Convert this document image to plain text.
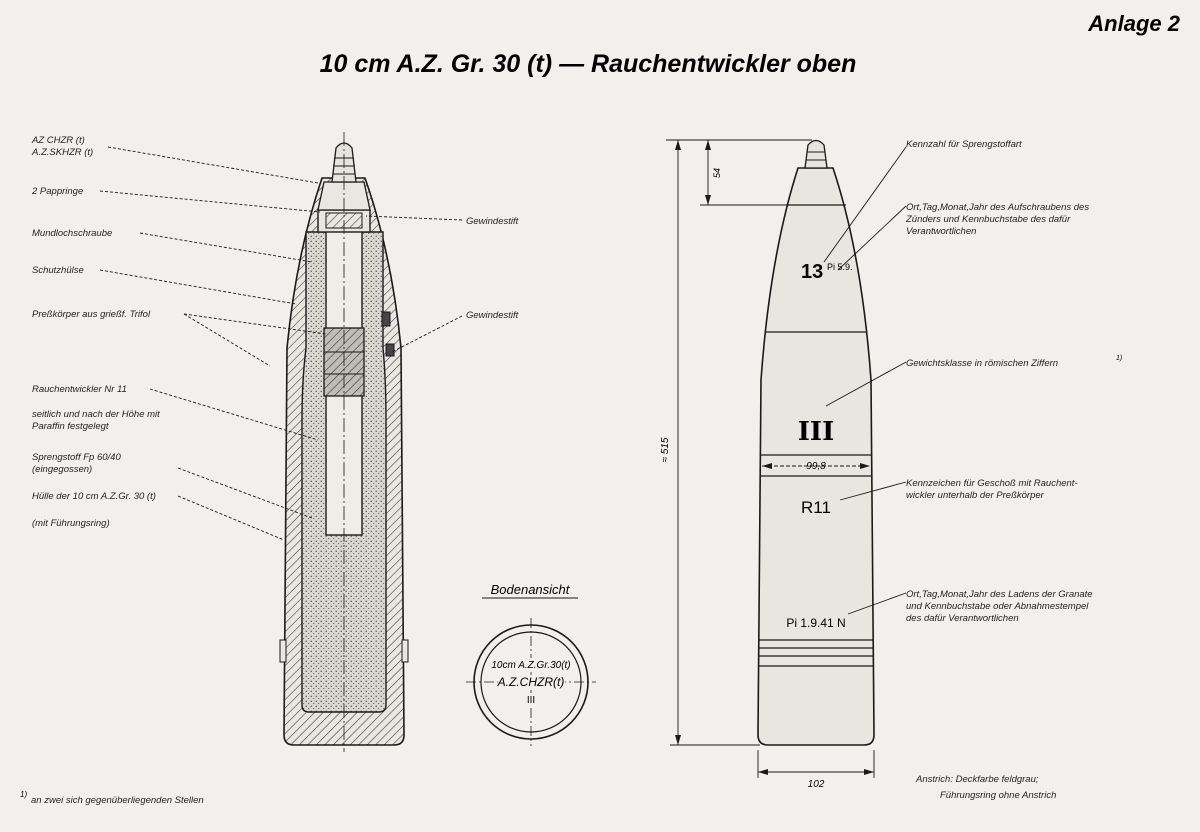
Anlage 2
10 cm A.Z. Gr. 30 (t) — Rauchentwickler oben
AZ CHZR (t)
A.Z.SKHZR (t)
2 Pappringe
Mundlochschraube
Schutzhülse
Preßkörper aus grießf. Trifol
Rauchentwickler Nr 11
seitlich und nach der Höhe mit
Paraffin festgelegt
Sprengstoff Fp 60/40
(eingegossen)
Hülle der 10 cm A.Z.Gr. 30 (t)
(mit Führungsring)
Gewindestift
Gewindestift
Bodenansicht
10cm A.Z.Gr.30(t)
A.Z.CHZR(t)
III
13 Pi 5.9.
III
R11
Pi 1.9.41 N
54
≈ 515
99,8
102
Kennzahl für Sprengstoffart
Ort,Tag,Monat,Jahr des Aufschraubens des
Zünders und Kennbuchstabe des dafür
Verantwortlichen
Gewichtsklasse in römischen Ziffern	1)
Kennzeichen für Geschoß mit Rauchent-
wickler unterhalb der Preßkörper
Ort,Tag,Monat,Jahr des Ladens der Granate
und Kennbuchstabe oder Abnahmestempel
des dafür Verantwortlichen
Anstrich: Deckfarbe feldgrau;
Führungsring ohne Anstrich
1)
an zwei sich gegenüberliegenden Stellen
